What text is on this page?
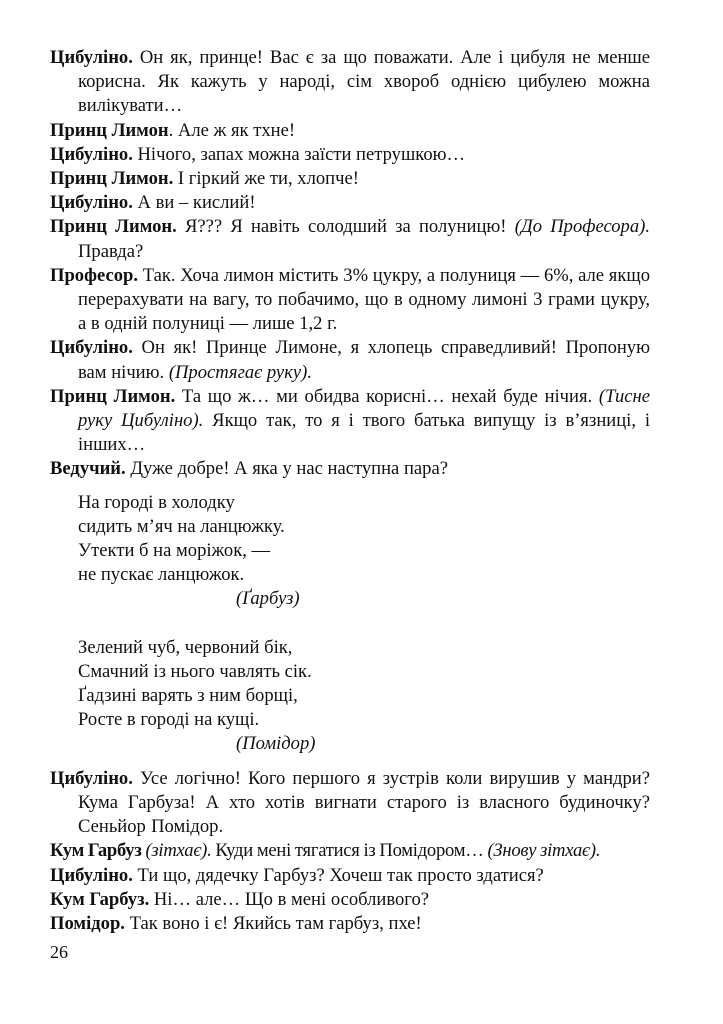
Цибуліно. Он як, принце! Вас є за що поважати. Але і цибуля не менше корисна. Як кажуть у народі, сім хвороб однією цибулею можна вилікувати…

Принц Лимон. Але ж як тхне!

Цибуліно. Нічого, запах можна заїсти петрушкою…

Принц Лимон. І гіркий же ти, хлопче!

Цибуліно. А ви – кислий!

Принц Лимон. Я??? Я навіть солодший за полуницю! (До Професора). Правда?

Професор. Так. Хоча лимон містить 3% цукру, а полуниця — 6%, але якщо перерахувати на вагу, то побачимо, що в одному лимоні 3 грами цукру, а в одній полуниці — лише 1,2 г.

Цибуліно. Он як! Принце Лимоне, я хлопець справедливий! Пропоную вам нічию. (Простягає руку).

Принц Лимон. Та що ж… ми обидва корисні… нехай буде нічия. (Тисне руку Цибуліно). Якщо так, то я і твого батька випущу із в’язниці, і інших…

Ведучий. Дуже добре! А яка у нас наступна пара?

На городі в холодку
сидить м’яч на ланцюжку.
Утекти б на моріжок, —
не пускає ланцюжок.
(Ґарбуз)
Зелений чуб, червоний бік,
Смачний із нього чавлять сік.
Ґадзині варять з ним борщі,
Росте в городі на кущі.
(Помідор)

Цибуліно. Усе логічно! Кого першого я зустрів коли вирушив у мандри? Кума Гарбуза! А хто хотів вигнати старого із власного будиночку? Сеньйор Помідор.

Кум Гарбуз (зітхає). Куди мені тягатися із Помідором… (Знову зітхає).

Цибуліно. Ти що, дядечку Гарбуз? Хочеш так просто здатися?

Кум Гарбуз. Ні… але… Що в мені особливого?

Помідор. Так воно і є! Якийсь там гарбуз, пхе!

26
